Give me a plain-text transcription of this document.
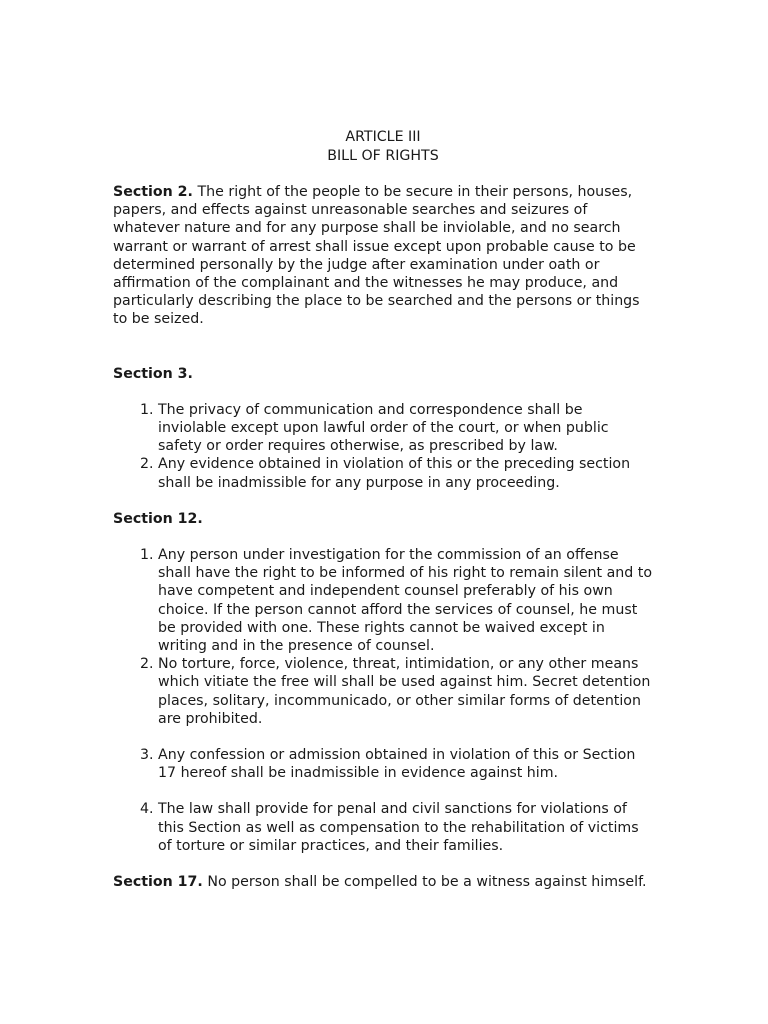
ARTICLE III
BILL OF RIGHTS

Section 2. The right of the people to be secure in their persons, houses, papers, and effects against unreasonable searches and seizures of whatever nature and for any purpose shall be inviolable, and no search warrant or warrant of arrest shall issue except upon probable cause to be determined personally by the judge after examination under oath or affirmation of the complainant and the witnesses he may produce, and particularly describing the place to be searched and the persons or things to be seized.

Section 3.

1. The privacy of communication and correspondence shall be inviolable except upon lawful order of the court, or when public safety or order requires otherwise, as prescribed by law.
2. Any evidence obtained in violation of this or the preceding section shall be inadmissible for any purpose in any proceeding.

Section 12.

1. Any person under investigation for the commission of an offense shall have the right to be informed of his right to remain silent and to have competent and independent counsel preferably of his own choice. If the person cannot afford the services of counsel, he must be provided with one. These rights cannot be waived except in writing and in the presence of counsel.
2. No torture, force, violence, threat, intimidation, or any other means which vitiate the free will shall be used against him. Secret detention places, solitary, incommunicado, or other similar forms of detention are prohibited.
3. Any confession or admission obtained in violation of this or Section 17 hereof shall be inadmissible in evidence against him.
4. The law shall provide for penal and civil sanctions for violations of this Section as well as compensation to the rehabilitation of victims of torture or similar practices, and their families.

Section 17. No person shall be compelled to be a witness against himself.
